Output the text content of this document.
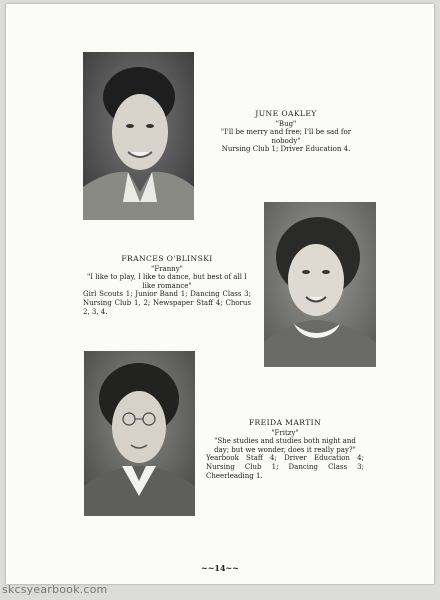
JUNE OAKLEY
"Bug"
"I'll be merry and free; I'll be sad for nobody"
Nursing Club 1; Driver Education 4.
FRANCES O'BLINSKI
"Franny"
"I like to play, I like to dance, but best of all I like romance"
Girl Scouts 1; Junior Band 1; Dancing Class 3; Nursing Club 1, 2; Newspaper Staff 4; Chorus 2, 3, 4.
FREIDA MARTIN
"Fritzy"
"She studies and studies both night and day; but we wonder, does it really pay?"
Yearbook Staff 4; Driver Education 4; Nursing Club 1; Dancing Class 3; Cheerleading 1.
~~14~~
skcsyearbook.com
